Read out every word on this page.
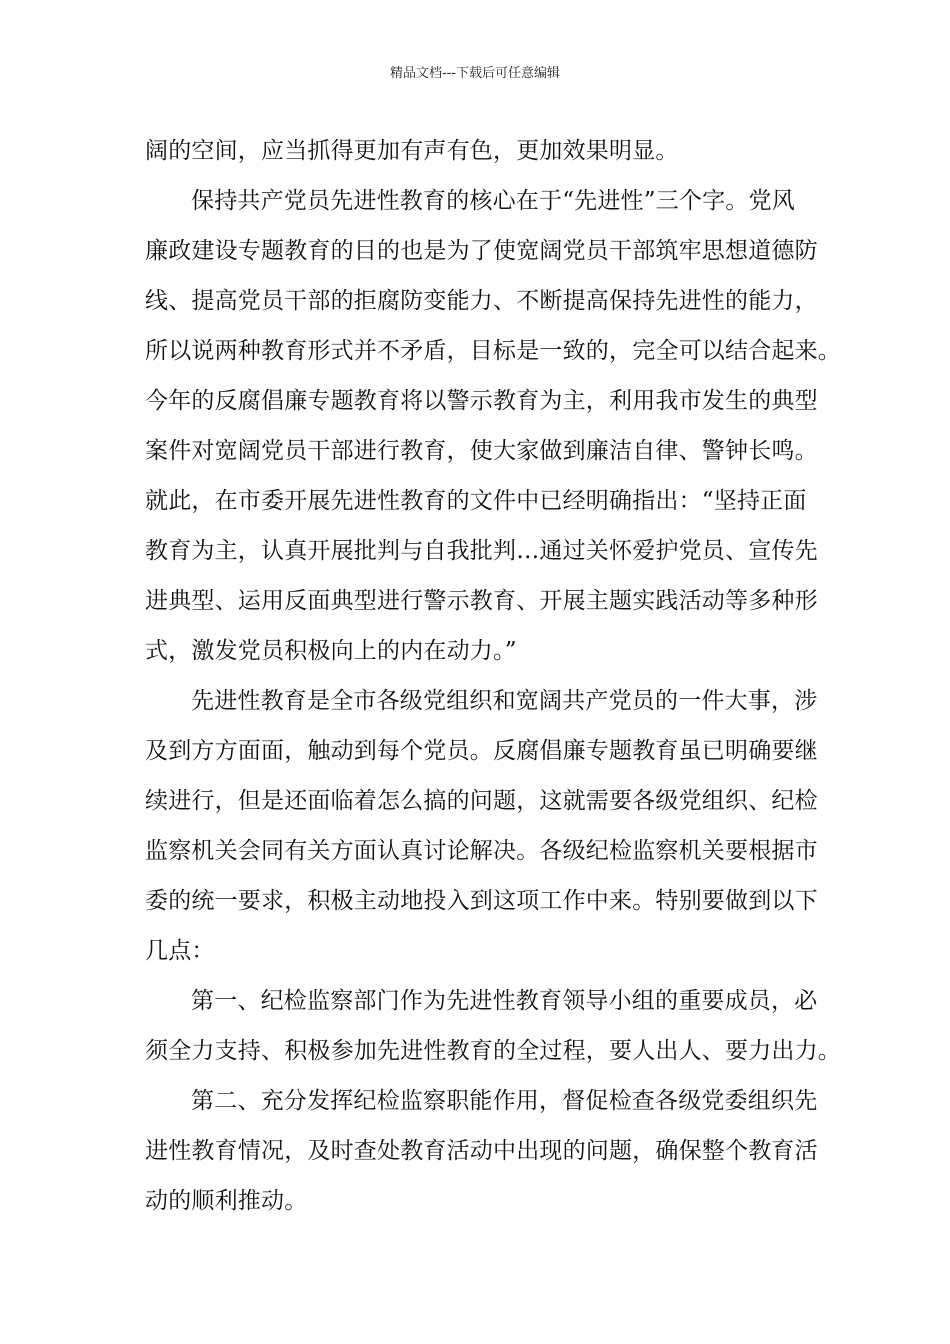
精品文档---下载后可任意编辑
阔的空间，应当抓得更加有声有色，更加效果明显。
保持共产党员先进性教育的核心在于“先进性”三个字。党风
廉政建设专题教育的目的也是为了使宽阔党员干部筑牢思想道德防
线、提高党员干部的拒腐防变能力、不断提高保持先进性的能力，
所以说两种教育形式并不矛盾，目标是一致的，完全可以结合起来。
今年的反腐倡廉专题教育将以警示教育为主，利用我市发生的典型
案件对宽阔党员干部进行教育，使大家做到廉洁自律、警钟长鸣。
就此，在市委开展先进性教育的文件中已经明确指出：“坚持正面
教育为主，认真开展批判与自我批判…通过关怀爱护党员、宣传先
进典型、运用反面典型进行警示教育、开展主题实践活动等多种形
式，激发党员积极向上的内在动力。”
先进性教育是全市各级党组织和宽阔共产党员的一件大事，涉
及到方方面面，触动到每个党员。反腐倡廉专题教育虽已明确要继
续进行，但是还面临着怎么搞的问题，这就需要各级党组织、纪检
监察机关会同有关方面认真讨论解决。各级纪检监察机关要根据市
委的统一要求，积极主动地投入到这项工作中来。特别要做到以下
几点：
第一、纪检监察部门作为先进性教育领导小组的重要成员，必
须全力支持、积极参加先进性教育的全过程，要人出人、要力出力。
第二、充分发挥纪检监察职能作用，督促检查各级党委组织先
进性教育情况，及时查处教育活动中出现的问题，确保整个教育活
动的顺利推动。
